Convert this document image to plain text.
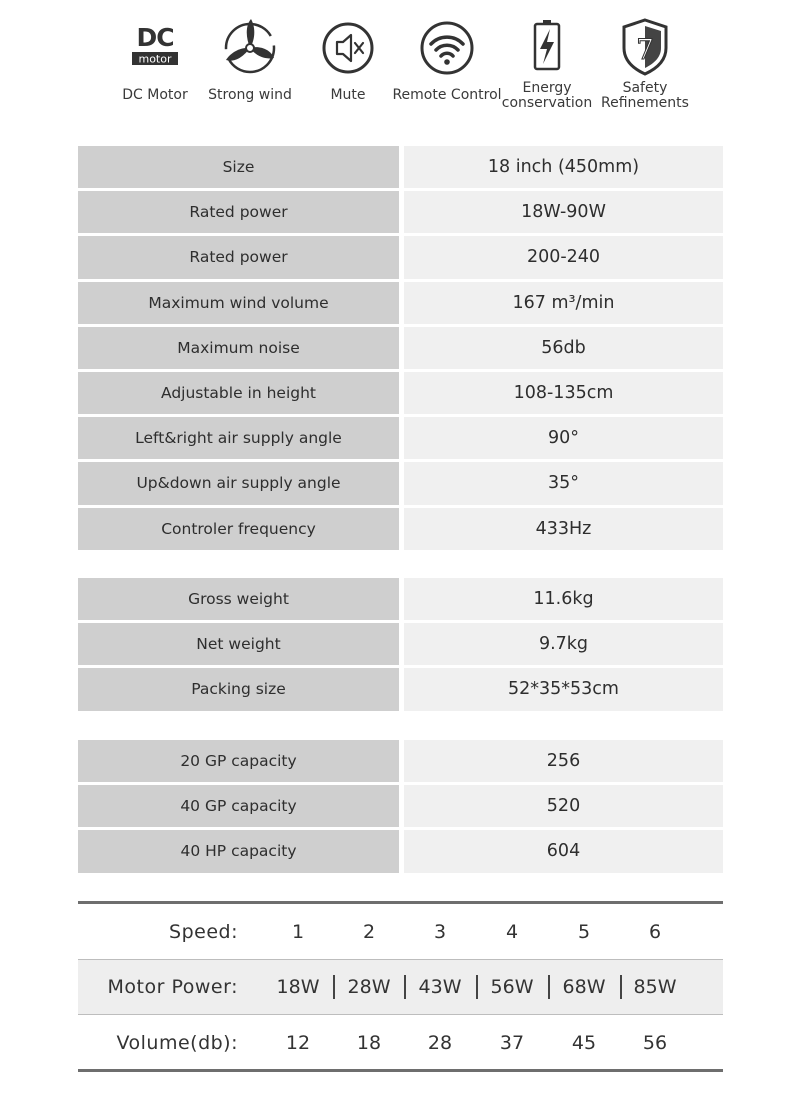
DC
motor
DC Motor	Strong wind	Mute	Remote Control	Energy
conservation
7
Safety
Refinements
Size	18 inch (450mm)
Rated power	18W-90W
Rated power	200-240
Maximum wind volume	167 m³/min
Maximum noise	56db
Adjustable in height	108-135cm
Left&right air supply angle	90°
Up&down air supply angle	35°
Controler frequency	433Hz
Gross weight	11.6kg
Net weight	9.7kg
Packing size	52*35*53cm
20 GP capacity	256
40 GP capacity	520
40 HP capacity	604
Speed:	1	2	3	4	5	6
Motor Power:	18W	28W	43W	56W	68W	85W
Volume(db):	12	18	28	37	45	56
